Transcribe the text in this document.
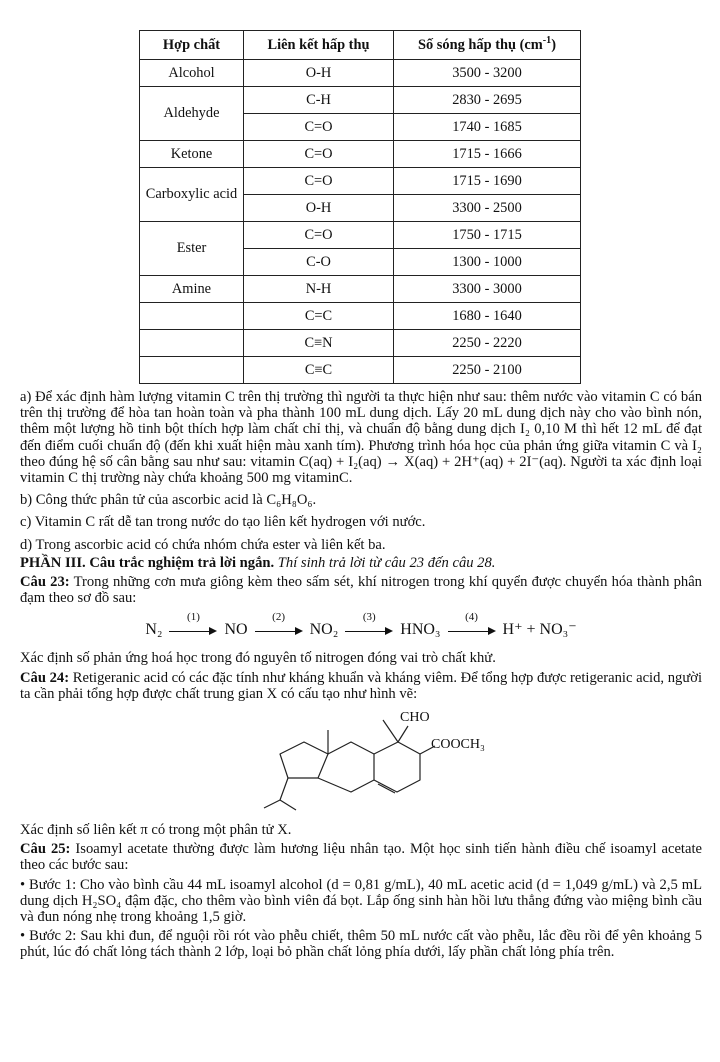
Hợp chất	Liên kết hấp thụ	Số sóng hấp thụ $(cm^{-1})$
Alcohol	O-H	3500 - 3200
Aldehyde	C-H	2830 - 2695
	C=O	1740 - 1685
Ketone	C=O	1715 - 1666
Carboxylic acid	C=O	1715 - 1690
	O-H	3300 - 2500
Ester	C=O	1750 - 1715
	C-O	1300 - 1000
Amine	N-H	3300 - 3000
	C=C	1680 - 1640
	C≡N	2250 - 2220
	C≡C	2250 - 2100

a) Để xác định hàm lượng vitamin C trên thị trường thì người ta thực hiện như sau: thêm nước vào vitamin C có bán trên thị trường để hòa tan hoàn toàn và pha thành 100 mL dung dịch. Lấy 20 mL dung dịch này cho vào bình nón, thêm một lượng hồ tinh bột thích hợp làm chất chỉ thị, và chuẩn độ bằng dung dịch I₂ 0,10 M thì hết 12 mL để đạt đến điểm cuối chuẩn độ (đến khi xuất hiện màu xanh tím). Phương trình hóa học của phản ứng giữa vitamin C và I₂ theo đúng hệ số cân bằng sau như sau: vitamin C(aq) + I₂(aq) → X(aq) + 2H⁺(aq) + 2I⁻(aq). Người ta xác định loại vitamin C thị trường này chứa khoảng 500 mg vitaminC.

b) Công thức phân tử của ascorbic acid là C₆H₈O₆.

c) Vitamin C rất dễ tan trong nước do tạo liên kết hydrogen với nước.

d) Trong ascorbic acid có chứa nhóm chứa ester và liên kết ba.

PHẦN III. Câu trắc nghiệm trả lời ngắn. Thí sinh trả lời từ câu 23 đến câu 28.

Câu 23: Trong những cơn mưa giông kèm theo sấm sét, khí nitrogen trong khí quyển được chuyển hóa thành phân đạm theo sơ đồ sau:

N₂
(1)
NO
(2)
NO₂
(3)
HNO₃
(4)
H⁺ + NO₃⁻

Xác định số phản ứng hoá học trong đó nguyên tố nitrogen đóng vai trò chất khử.

Câu 24: Retigeranic acid có các đặc tính như kháng khuẩn và kháng viêm. Để tổng hợp được retigeranic acid, người ta cần phải tổng hợp được chất trung gian X có cấu tạo như hình vẽ:

CHO
COOCH₃

Xác định số liên kết π có trong một phân tử X.

Câu 25: Isoamyl acetate thường được làm hương liệu nhân tạo. Một học sinh tiến hành điều chế isoamyl acetate theo các bước sau:

• Bước 1: Cho vào bình cầu 44 mL isoamyl alcohol (d = 0,81 g/mL), 40 mL acetic acid (d = 1,049 g/mL) và 2,5 mL dung dịch H₂SO₄ đậm đặc, cho thêm vào bình viên đá bọt. Lắp ống sinh hàn hồi lưu thẳng đứng vào miệng bình cầu và đun nóng nhẹ trong khoảng 1,5 giờ.

• Bước 2: Sau khi đun, để nguội rồi rót vào phễu chiết, thêm 50 mL nước cất vào phễu, lắc đều rồi để yên khoảng 5 phút, lúc đó chất lỏng tách thành 2 lớp, loại bỏ phần chất lỏng phía dưới, lấy phần chất lỏng phía trên.
